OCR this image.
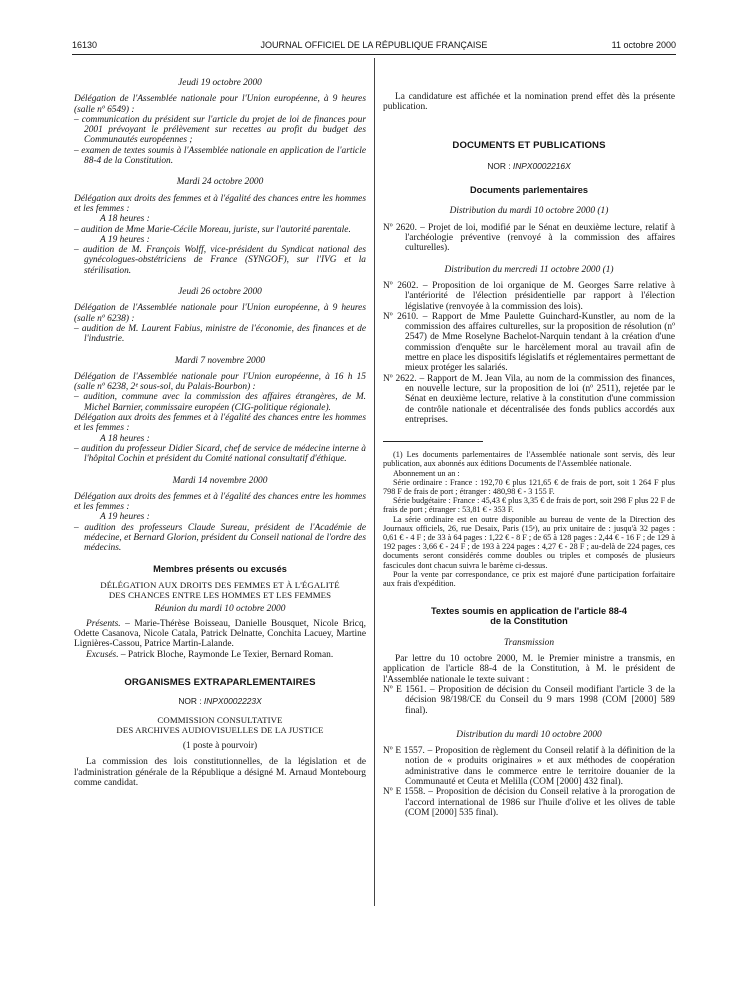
16130	JOURNAL OFFICIEL DE LA RÉPUBLIQUE FRANÇAISE	11 octobre 2000

Jeudi 19 octobre 2000

Délégation de l'Assemblée nationale pour l'Union européenne, à 9 heures (salle nº 6549) :

– communication du président sur l'article du projet de loi de finances pour 2001 prévoyant le prélèvement sur recettes au profit du budget des Communautés européennes ;

– examen de textes soumis à l'Assemblée nationale en application de l'article 88-4 de la Constitution.

Mardi 24 octobre 2000

Délégation aux droits des femmes et à l'égalité des chances entre les hommes et les femmes :

A 18 heures :

– audition de Mme Marie-Cécile Moreau, juriste, sur l'autorité parentale.

A 19 heures :

– audition de M. François Wolff, vice-président du Syndicat national des gynécologues-obstétriciens de France (SYNGOF), sur l'IVG et la stérilisation.

Jeudi 26 octobre 2000

Délégation de l'Assemblée nationale pour l'Union européenne, à 9 heures (salle nº 6238) :

– audition de M. Laurent Fabius, ministre de l'économie, des finances et de l'industrie.

Mardi 7 novembre 2000

Délégation de l'Assemblée nationale pour l'Union européenne, à 16 h 15 (salle nº 6238, 2ᵉ sous-sol, du Palais-Bourbon) :

– audition, commune avec la commission des affaires étrangères, de M. Michel Barnier, commissaire européen (CIG-politique régionale).

Délégation aux droits des femmes et à l'égalité des chances entre les hommes et les femmes :

A 18 heures :

– audition du professeur Didier Sicard, chef de service de médecine interne à l'hôpital Cochin et président du Comité national consultatif d'éthique.

Mardi 14 novembre 2000

Délégation aux droits des femmes et à l'égalité des chances entre les hommes et les femmes :

A 19 heures :

– audition des professeurs Claude Sureau, président de l'Académie de médecine, et Bernard Glorion, président du Conseil national de l'ordre des médecins.

Membres présents ou excusés

DÉLÉGATION AUX DROITS DES FEMMES ET À L'ÉGALITÉ

DES CHANCES ENTRE LES HOMMES ET LES FEMMES

Réunion du mardi 10 octobre 2000

Présents. – Marie-Thérèse Boisseau, Danielle Bousquet, Nicole Bricq, Odette Casanova, Nicole Catala, Patrick Delnatte, Conchita Lacuey, Martine Lignières-Cassou, Patrice Martin-Lalande.

Excusés. – Patrick Bloche, Raymonde Le Texier, Bernard Roman.

ORGANISMES EXTRAPARLEMENTAIRES

NOR : INPX0002223X

COMMISSION CONSULTATIVE

DES ARCHIVES AUDIOVISUELLES DE LA JUSTICE

(1 poste à pourvoir)

La commission des lois constitutionnelles, de la législation et de l'administration générale de la République a désigné M. Arnaud Montebourg comme candidat.

La candidature est affichée et la nomination prend effet dès la présente publication.

DOCUMENTS ET PUBLICATIONS

NOR : INPX0002216X

Documents parlementaires

Distribution du mardi 10 octobre 2000 (1)

Nº 2620. – Projet de loi, modifié par le Sénat en deuxième lecture, relatif à l'archéologie préventive (renvoyé à la commission des affaires culturelles).

Distribution du mercredi 11 octobre 2000 (1)

Nº 2602. – Proposition de loi organique de M. Georges Sarre relative à l'antériorité de l'élection présidentielle par rapport à l'élection législative (renvoyée à la commission des lois).

Nº 2610. – Rapport de Mme Paulette Guinchard-Kunstler, au nom de la commission des affaires culturelles, sur la proposition de résolution (nº 2547) de Mme Roselyne Bachelot-Narquin tendant à la création d'une commission d'enquête sur le harcèlement moral au travail afin de mettre en place les dispositifs législatifs et réglementaires permettant de mieux protéger les salariés.

Nº 2622. – Rapport de M. Jean Vila, au nom de la commission des finances, en nouvelle lecture, sur la proposition de loi (nº 2511), rejetée par le Sénat en deuxième lecture, relative à la constitution d'une commission de contrôle nationale et décentralisée des fonds publics accordés aux entreprises.

(1) Les documents parlementaires de l'Assemblée nationale sont servis, dès leur publication, aux abonnés aux éditions Documents de l'Assemblée nationale.

Abonnement un an :

Série ordinaire : France : 192,70 € plus 121,65 € de frais de port, soit 1 264 F plus 798 F de frais de port ; étranger : 480,98 € - 3 155 F.

Série budgétaire : France : 45,43 € plus 3,35 € de frais de port, soit 298 F plus 22 F de frais de port ; étranger : 53,81 € - 353 F.

La série ordinaire est en outre disponible au bureau de vente de la Direction des Journaux officiels, 26, rue Desaix, Paris (15ᵉ), au prix unitaire de : jusqu'à 32 pages : 0,61 € - 4 F ; de 33 à 64 pages : 1,22 € - 8 F ; de 65 à 128 pages : 2,44 € - 16 F ; de 129 à 192 pages : 3,66 € - 24 F ; de 193 à 224 pages : 4,27 € - 28 F ; au-delà de 224 pages, ces documents seront considérés comme doubles ou triples et composés de plusieurs fascicules dont chacun suivra le barème ci-dessus.

Pour la vente par correspondance, ce prix est majoré d'une participation forfaitaire aux frais d'expédition.

Textes soumis en application de l'article 88-4

de la Constitution

Transmission

Par lettre du 10 octobre 2000, M. le Premier ministre a transmis, en application de l'article 88-4 de la Constitution, à M. le président de l'Assemblée nationale le texte suivant :

Nº E 1561. – Proposition de décision du Conseil modifiant l'article 3 de la décision 98/198/CE du Conseil du 9 mars 1998 (COM [2000] 589 final).

Distribution du mardi 10 octobre 2000

Nº E 1557. – Proposition de règlement du Conseil relatif à la définition de la notion de « produits originaires » et aux méthodes de coopération administrative dans le commerce entre le territoire douanier de la Communauté et Ceuta et Melilla (COM [2000] 432 final).

Nº E 1558. – Proposition de décision du Conseil relative à la prorogation de l'accord international de 1986 sur l'huile d'olive et les olives de table (COM [2000] 535 final).
